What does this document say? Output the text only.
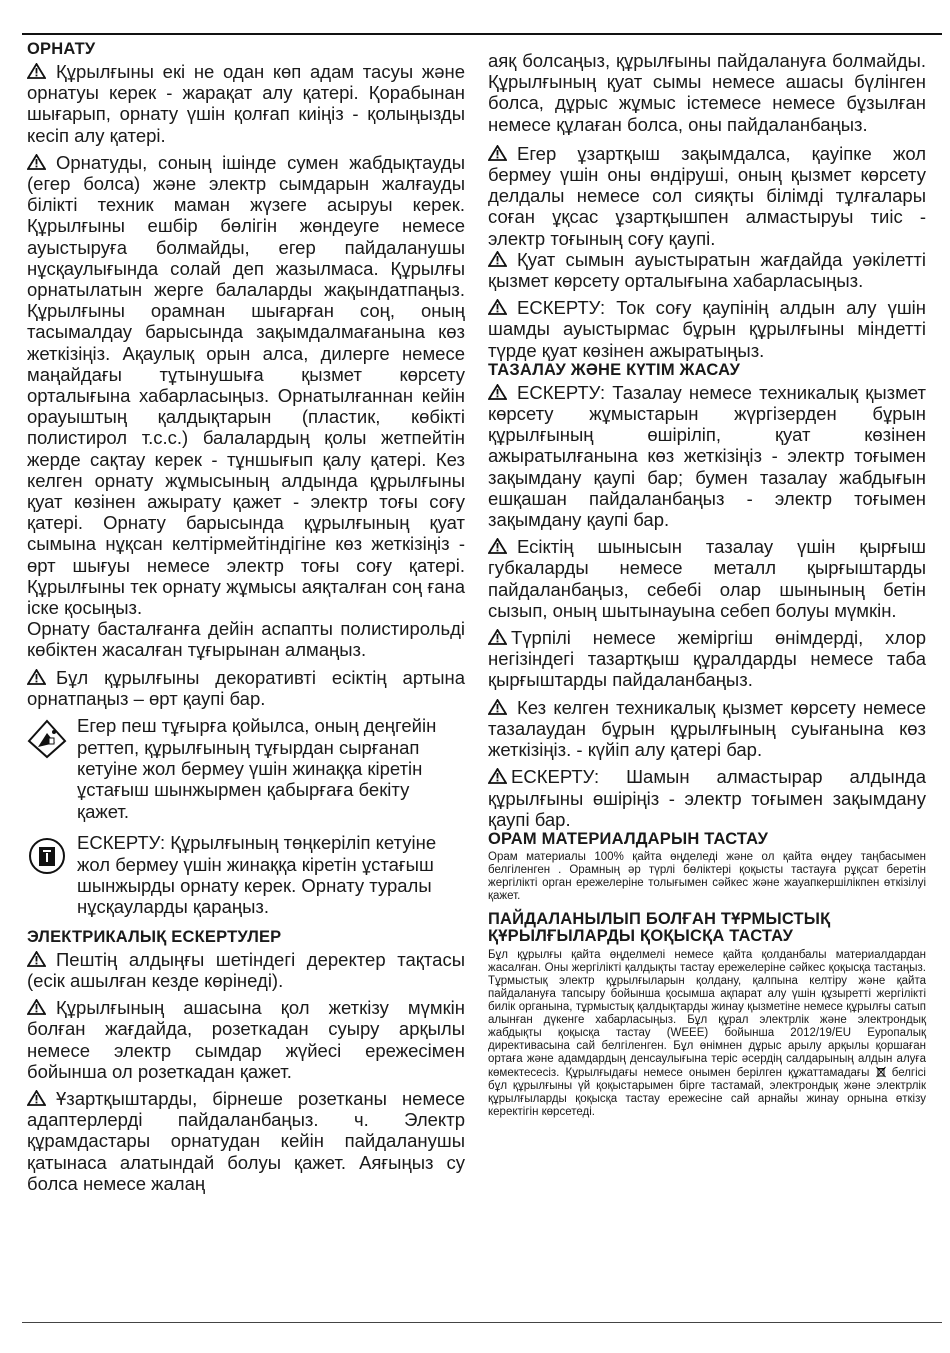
ОРНАТУ

Құрылғыны екі не одан көп адам тасуы және орнатуы керек - жарақат алу қатері. Қорабынан шығарып, орнату үшін қолғап киіңіз - қолыңызды кесіп алу қатері.

Орнатуды, соның ішінде сумен жабдықтауды (егер болса) және электр сымдарын жалғауды білікті техник маман жүзеге асыруы керек. Құрылғыны ешбір бөлігін жөндеуге немесе ауыстыруға болмайды, егер пайдаланушы нұсқаулығында солай деп жазылмаса. Құрылғы орнатылатын жерге балаларды жақындатпаңыз. Құрылғыны орамнан шығарған соң, оның тасымалдау барысында зақымдалмағанына көз жеткізіңіз. Ақаулық орын алса, дилерге немесе маңайдағы тұтынушыға қызмет көрсету орталығына хабарласыңыз. Орнатылғаннан кейін орауыштың қалдықтарын (пластик, көбікті полистирол т.с.с.) балалардың қолы жетпейтін жерде сақтау керек - тұншығып қалу қатері. Кез келген орнату жұмысының алдында құрылғыны қуат көзінен ажырату қажет - электр тоғы соғу қатері. Орнату барысында құрылғының қуат сымына нұқсан келтірмейтіндігіне көз жеткізіңіз - өрт шығуы немесе электр тоғы соғу қатері. Құрылғыны тек орнату жұмысы аяқталған соң ғана іске қосыңыз.

Орнату басталғанға дейін аспапты полистирольді көбіктен жасалған тұғырынан алмаңыз.

Бұл құрылғыны декоративті есіктің артына орнатпаңыз – өрт қаупі бар.

Егер пеш тұғырға қойылса, оның деңгейін реттеп, құрылғының тұғырдан сырғанап кетуіне жол бермеу үшін жинаққа кіретін ұстағыш шынжырмен қабырғаға бекіту қажет.
ЕСКЕРТУ: Құрылғының төңкеріліп кетуіне жол бермеу үшін жинаққа кіретін ұстағыш шынжырды орнату керек. Орнату туралы нұсқауларды қараңыз.
ЭЛЕКТРИКАЛЫҚ ЕСКЕРТУЛЕР

Пештің алдыңғы шетіндегі деректер тақтасы (есік ашылған кезде көрінеді).

Құрылғының ашасына қол жеткізу мүмкін болған жағдайда, розеткадан суыру арқылы немесе электр сымдар жүйесі ережесімен бойынша ол розеткадан қажет.

Ұзартқыштарды, бірнеше розетканы немесе адаптерлерді пайдаланбаңыз. ч. Электр құрамдастары орнатудан кейін пайдаланушы қатынаса алатындай болуы қажет. Аяғыңыз су болса немесе жалаң

аяқ болсаңыз, құрылғыны пайдалануға болмайды. Құрылғының қуат сымы немесе ашасы бүлінген болса, дұрыс жұмыс істемесе немесе бұзылған немесе құлаған болса, оны пайдаланбаңыз.

Егер ұзартқыш зақымдалса, қауіпке жол бермеу үшін оны өндіруші, оның қызмет көрсету делдалы немесе сол сияқты білімді тұлғалары соған ұқсас ұзартқышпен алмастыруы тиіс - электр тоғының соғу қаупі.

Қуат сымын ауыстыратын жағдайда уәкілетті қызмет көрсету орталығына хабарласыңыз.

ЕСКЕРТУ: Ток соғу қаупінің алдын алу үшін шамды ауыстырмас бұрын құрылғыны міндетті түрде қуат көзінен ажыратыңыз.

ТАЗАЛАУ ЖӘНЕ КҮТІМ ЖАСАУ

ЕСКЕРТУ: Тазалау немесе техникалық қызмет көрсету жұмыстарын жүргізерден бұрын құрылғының өшіріліп, қуат көзінен ажыратылғанына көз жеткізіңіз - электр тоғымен зақымдану қаупі бар; бумен тазалау жабдығын ешқашан пайдаланбаңыз - электр тоғымен зақымдану қаупі бар.

Есіктің шынысын тазалау үшін қырғыш губкаларды немесе металл қырғыштарды пайдаланбаңыз, себебі олар шынының бетін сызып, оның шытынауына себеп болуы мүмкін.

Түрпілі немесе жеміргіш өнімдерді, хлор негізіндегі тазартқыш құралдарды немесе таба қырғыштарды пайдаланбаңыз.

Кез келген техникалық қызмет көрсету немесе тазалаудан бұрын құрылғының суығанына көз жеткізіңіз. - күйіп алу қатері бар.

ЕСКЕРТУ: Шамын алмастырар алдында құрылғыны өшіріңіз - электр тоғымен зақымдану қаупі бар.

ОРАМ МАТЕРИАЛДАРЫН ТАСТАУ

Орам материалы 100% қайта өңделеді және ол қайта өңдеу таңбасымен белгіленген . Орамның әр түрлі бөліктері қоқысты тастауға рұқсат беретін жергілікті орган ережелеріне толығымен сәйкес және жауапкершілікпен өткізілуі қажет.

ПАЙДАЛАНЫЛЫП БОЛҒАН ТҰРМЫСТЫҚ ҚҰРЫЛҒЫЛАРДЫ ҚОҚЫСҚА ТАСТАУ

Бұл құрылғы қайта өңделмелі немесе қайта қолданбалы материалдардан жасалған. Оны жергілікті қалдықты тастау ережелеріне сәйкес қоқысқа тастаңыз. Тұрмыстық электр құрылғыларын қолдану, қалпына келтіру және қайта пайдалануға тапсыру бойынша қосымша ақпарат алу үшін құзыретті жергілікті билік органына, тұрмыстық қалдықтарды жинау қызметіне немесе құрылғы сатып алынған дүкенге хабарласыңыз. Бұл құрал электрлік және электрондық жабдықты қоқысқа тастау (WEEE) бойынша 2012/19/EU Еуропалық директивасына сай белгіленген. Бұл өнімнен дұрыс арылу арқылы қоршаған ортаға және адамдардың денсаулығына теріс әсердің салдарының алдын алуға көмектесесіз. Құрылғыдағы немесе онымен берілген құжаттамадағы белгісі бұл құрылғыны үй қоқыстарымен бірге тастамай, электрондық және электрлік құрылғыларды қоқысқа тастау ережесіне сай арнайы жинау орнына өткізу керектігін көрсетеді.
